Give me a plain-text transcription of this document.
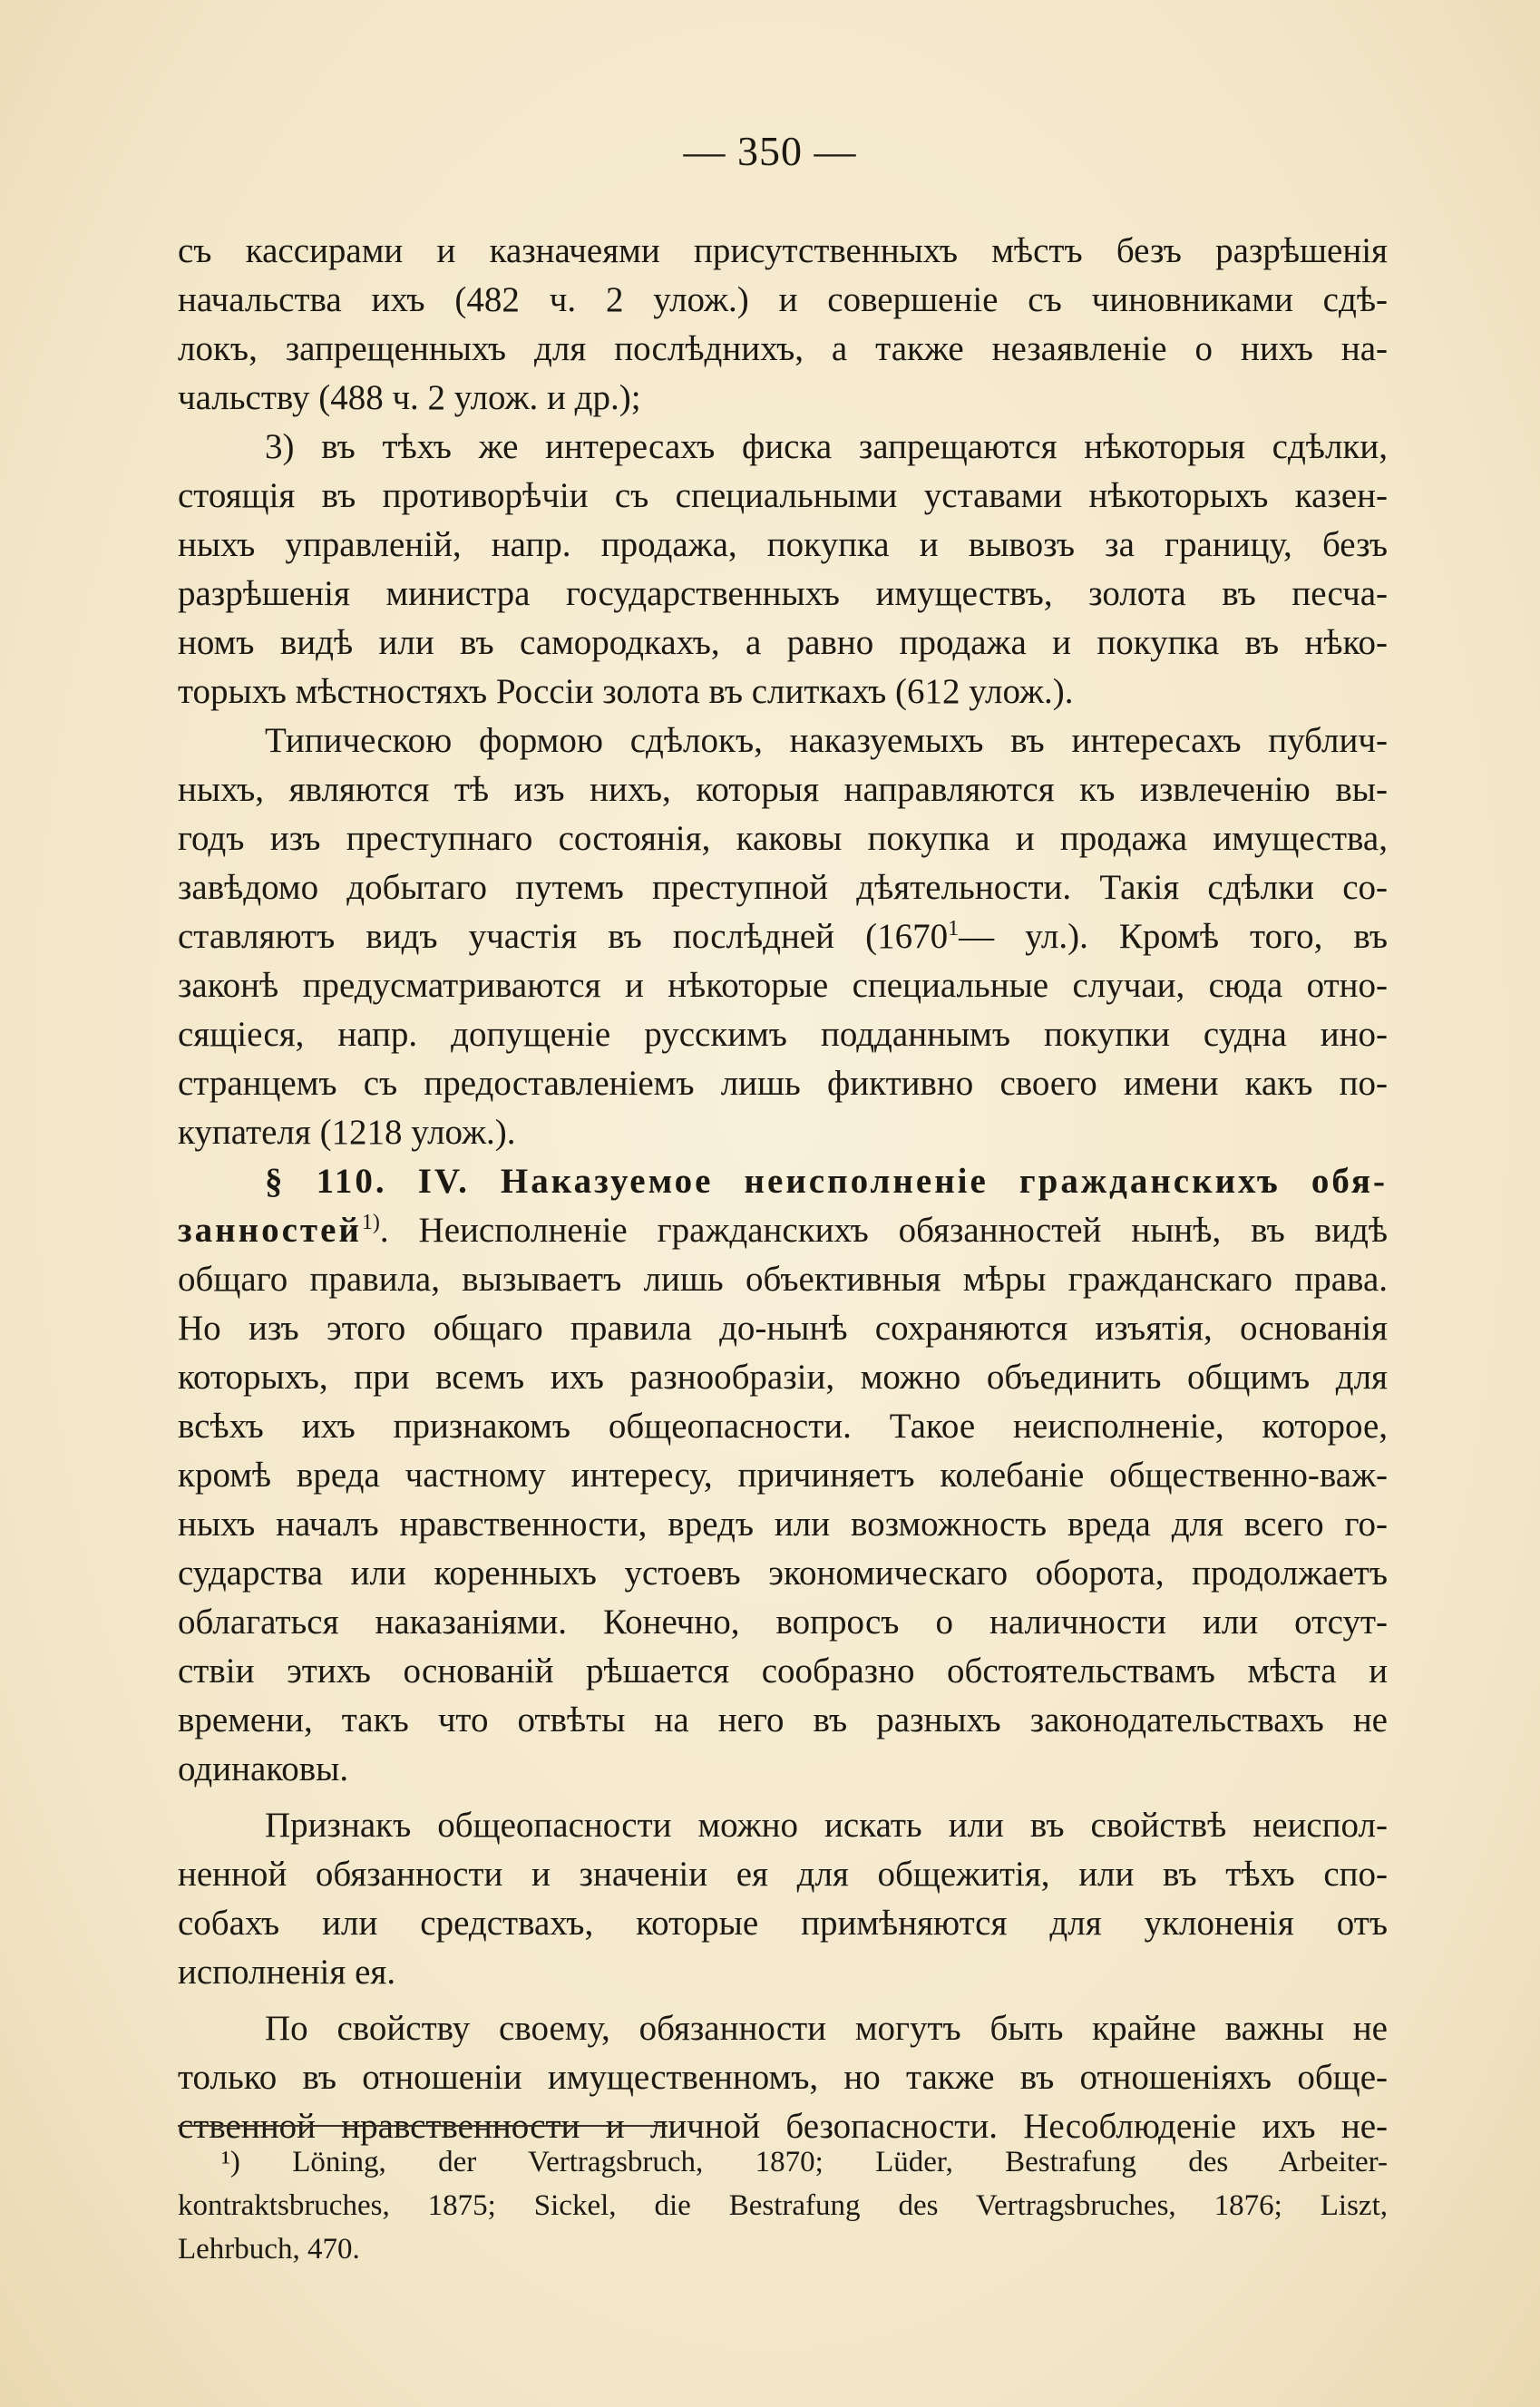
— 350 —
съ кассирами и казначеями присутственныхъ мѣстъ безъ разрѣшенія
начальства ихъ (482 ч. 2 улож.) и совершеніе съ чиновниками сдѣ-
локъ, запрещенныхъ для послѣднихъ, а также незаявленіе о нихъ на-
чальству (488 ч. 2 улож. и др.);
3) въ тѣхъ же интересахъ фиска запрещаются нѣкоторыя сдѣлки,
стоящія въ противорѣчіи съ специальными уставами нѣкоторыхъ казен-
ныхъ управленій, напр. продажа, покупка и вывозъ за границу, безъ
разрѣшенія министра государственныхъ имуществъ, золота въ песча-
номъ видѣ или въ самородкахъ, а равно продажа и покупка въ нѣко-
торыхъ мѣстностяхъ Россіи золота въ слиткахъ (612 улож.).
Типическою формою сдѣлокъ, наказуемыхъ въ интересахъ публич-
ныхъ, являются тѣ изъ нихъ, которыя направляются къ извлеченію вы-
годъ изъ преступнаго состоянія, каковы покупка и продажа имущества,
завѣдомо добытаго путемъ преступной дѣятельности. Такія сдѣлки со-
ставляютъ видъ участія въ послѣдней (1670$^1$— ул.). Кромѣ того, въ
законѣ предусматриваются и нѣкоторые специальные случаи, сюда отно-
сящіеся, напр. допущеніе русскимъ подданнымъ покупки судна ино-
странцемъ съ предоставленіемъ лишь фиктивно своего имени какъ по-
купателя (1218 улож.).
§ 110. IV. Наказуемое неисполненіе гражданскихъ обя-
занностей$^{1)}$. Неисполненіе гражданскихъ обязанностей нынѣ, въ видѣ
общаго правила, вызываетъ лишь объективныя мѣры гражданскаго права.
Но изъ этого общаго правила до-нынѣ сохраняются изъятія, основанія
которыхъ, при всемъ ихъ разнообразіи, можно объединить общимъ для
всѣхъ ихъ признакомъ общеопасности. Такое неисполненіе, которое,
кромѣ вреда частному интересу, причиняетъ колебаніе общественно-важ-
ныхъ началъ нравственности, вредъ или возможность вреда для всего го-
сударства или коренныхъ устоевъ экономическаго оборота, продолжаетъ
облагаться наказаніями. Конечно, вопросъ о наличности или отсут-
ствіи этихъ основаній рѣшается сообразно обстоятельствамъ мѣста и
времени, такъ что отвѣты на него въ разныхъ законодательствахъ не
одинаковы.
Признакъ общеопасности можно искать или въ свойствѣ неиспол-
ненной обязанности и значеніи ея для общежитія, или въ тѣхъ спо-
собахъ или средствахъ, которые примѣняются для уклоненія отъ
исполненія ея.
По свойству своему, обязанности могутъ быть крайне важны не
только въ отношеніи имущественномъ, но также въ отношеніяхъ обще-
ственной нравственности и личной безопасности. Несоблюденіе ихъ не-
¹) Löning, der Vertragsbruch, 1870; Lüder, Bestrafung des Arbeiter-
kontraktsbruches, 1875; Sickel, die Bestrafung des Vertragsbruches, 1876; Liszt,
Lehrbuch, 470.
